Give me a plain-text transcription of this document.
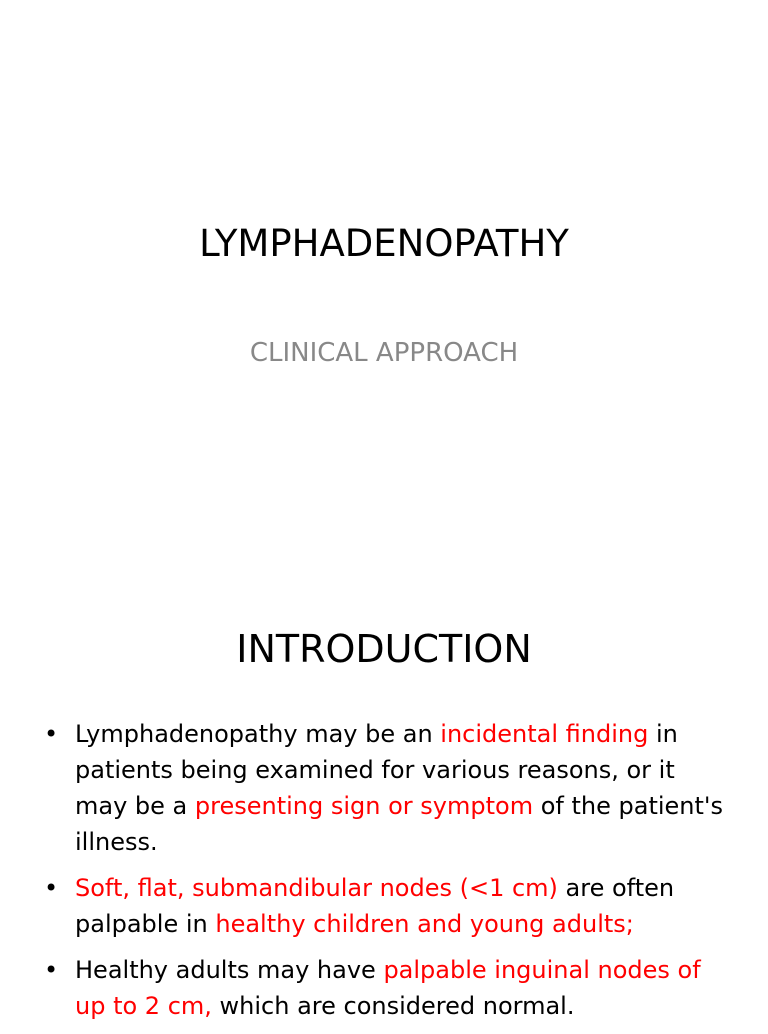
LYMPHADENOPATHY
CLINICAL APPROACH
INTRODUCTION
• Lymphadenopathy may be an incidental finding in patients being examined for various reasons, or it may be a presenting sign or symptom of the patient's illness.
• Soft, flat, submandibular nodes (<1 cm) are often palpable in healthy children and young adults;
• Healthy adults may have palpable inguinal nodes of up to 2 cm, which are considered normal.
